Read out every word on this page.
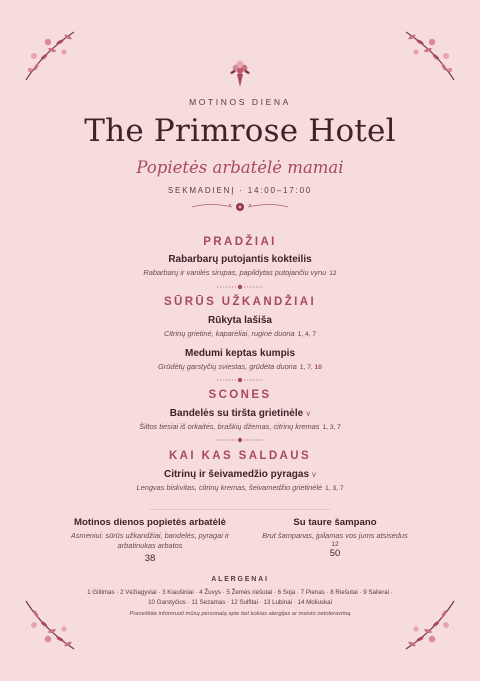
MOTINOS DIENA
The Primrose Hotel
Popietės arbatėlė mamai
SEKMADIENĮ · 14:00–17:00
PRADŽIAI
Rabarbarų putojantis kokteilis
Rabarbarų ir vanilės sirupas, papildytas putojančiu vynu 12
SŪRŪS UŽKANDŽIAI
Rūkyta lašiša
Citrinų grietinė, kaparėliai, ruginė duona 1, 4, 7
Medumi keptas kumpis
Grūdėtų garstyčių sviestas, grūdėta duona 1, 7, 10
SCONES
Bandelės su tiršta grietinėle v
Šiltos tiesiai iš orkaitės, braškių džemas, citrinų kremas 1, 3, 7
KAI KAS SALDAUS
Citrinų ir šeivamedžio pyragas v
Lengvas biskvitas, citrinų kremas, šeivamedžio grietinėlė 1, 3, 7
Motinos dienos popietės arbatėlė
Asmeniui: sūrūs užkandžiai, bandelės, pyragai ir
arbatinukas arbatos
38
Su taure šampano
Brut šampanas, įpilamas vos jums atsisėdus
12
50
ALERGENAI
1 Glitimas · 2 Vėžiagyviai · 3 Kiaušiniai · 4 Žuvys · 5 Žemės riešutai · 6 Soja · 7 Pienas · 8 Riešutai · 9 Salierai ·
10 Garstyčios · 11 Sezamas · 12 Sulfitai · 13 Lubinai · 14 Moliuskai
Praneškite informuoti mūsų personalą apie bet kokias alergijas ar maisto netoleravimą
